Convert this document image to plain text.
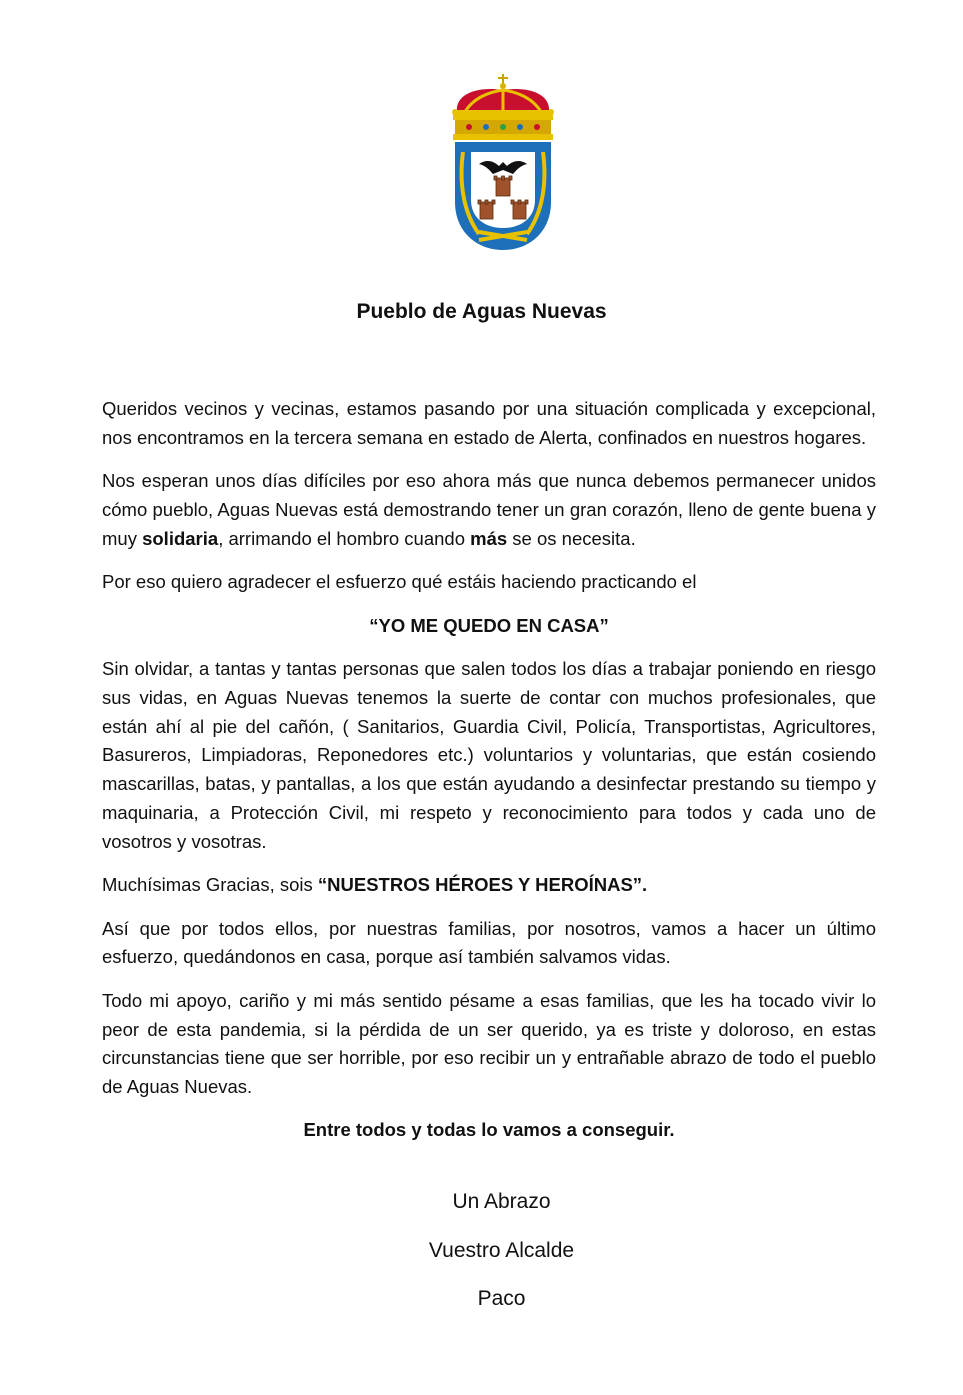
Pueblo de Aguas Nuevas

Queridos vecinos y vecinas, estamos pasando por una situación complicada y excepcional, nos encontramos en la tercera semana en estado de Alerta, confinados en nuestros hogares.

Nos esperan unos días difíciles por eso ahora más que nunca debemos permanecer unidos cómo pueblo, Aguas Nuevas está demostrando tener un gran corazón, lleno de gente buena y muy solidaria, arrimando el hombro cuando más se os necesita.

Por eso quiero agradecer el esfuerzo qué estáis haciendo practicando el

“YO ME QUEDO EN CASA”

Sin olvidar, a tantas y tantas personas que salen todos los días a trabajar poniendo en riesgo sus vidas, en Aguas Nuevas tenemos la suerte de contar con muchos profesionales, que están ahí al pie del cañón, ( Sanitarios, Guardia Civil, Policía, Transportistas, Agricultores, Basureros, Limpiadoras, Reponedores etc.) voluntarios y voluntarias, que están cosiendo mascarillas, batas, y pantallas, a los que están ayudando a desinfectar prestando su tiempo y maquinaria, a Protección Civil, mi respeto y reconocimiento para todos y cada uno de vosotros y vosotras.

Muchísimas Gracias, sois “NUESTROS HÉROES Y HEROÍNAS”.

Así que por todos ellos, por nuestras familias, por nosotros, vamos a hacer un último esfuerzo, quedándonos en casa, porque así también salvamos vidas.

Todo mi apoyo, cariño y mi más sentido pésame a esas familias, que les ha tocado vivir lo peor de esta pandemia, si la pérdida de un ser querido, ya es triste y doloroso, en estas circunstancias tiene que ser horrible, por eso recibir un y entrañable abrazo de todo el pueblo de Aguas Nuevas.

Entre todos y todas lo vamos a conseguir.

Un Abrazo
Vuestro Alcalde
Paco
